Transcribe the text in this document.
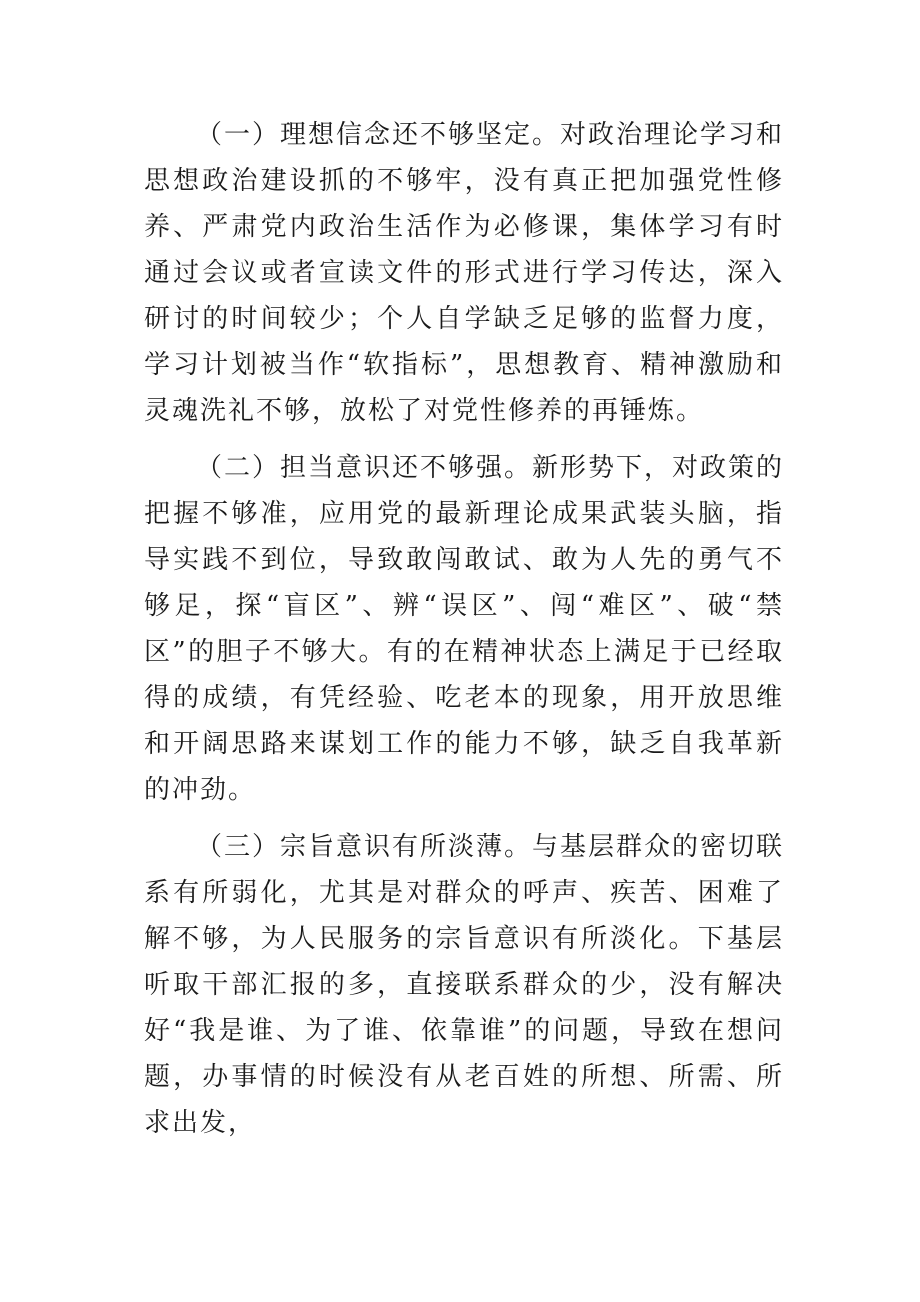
（一）理想信念还不够坚定。对政治理论学习和思想政治建设抓的不够牢，没有真正把加强党性修养、严肃党内政治生活作为必修课，集体学习有时通过会议或者宣读文件的形式进行学习传达，深入研讨的时间较少；个人自学缺乏足够的监督力度，学习计划被当作“软指标”，思想教育、精神激励和灵魂洗礼不够，放松了对党性修养的再锤炼。

（二）担当意识还不够强。新形势下，对政策的把握不够准，应用党的最新理论成果武装头脑，指导实践不到位，导致敢闯敢试、敢为人先的勇气不够足，探“盲区”、辨“误区”、闯“难区”、破“禁区”的胆子不够大。有的在精神状态上满足于已经取得的成绩，有凭经验、吃老本的现象，用开放思维和开阔思路来谋划工作的能力不够，缺乏自我革新的冲劲。

（三）宗旨意识有所淡薄。与基层群众的密切联系有所弱化，尤其是对群众的呼声、疾苦、困难了解不够，为人民服务的宗旨意识有所淡化。下基层听取干部汇报的多，直接联系群众的少，没有解决好“我是谁、为了谁、依靠谁”的问题，导致在想问题，办事情的时候没有从老百姓的所想、所需、所求出发，
